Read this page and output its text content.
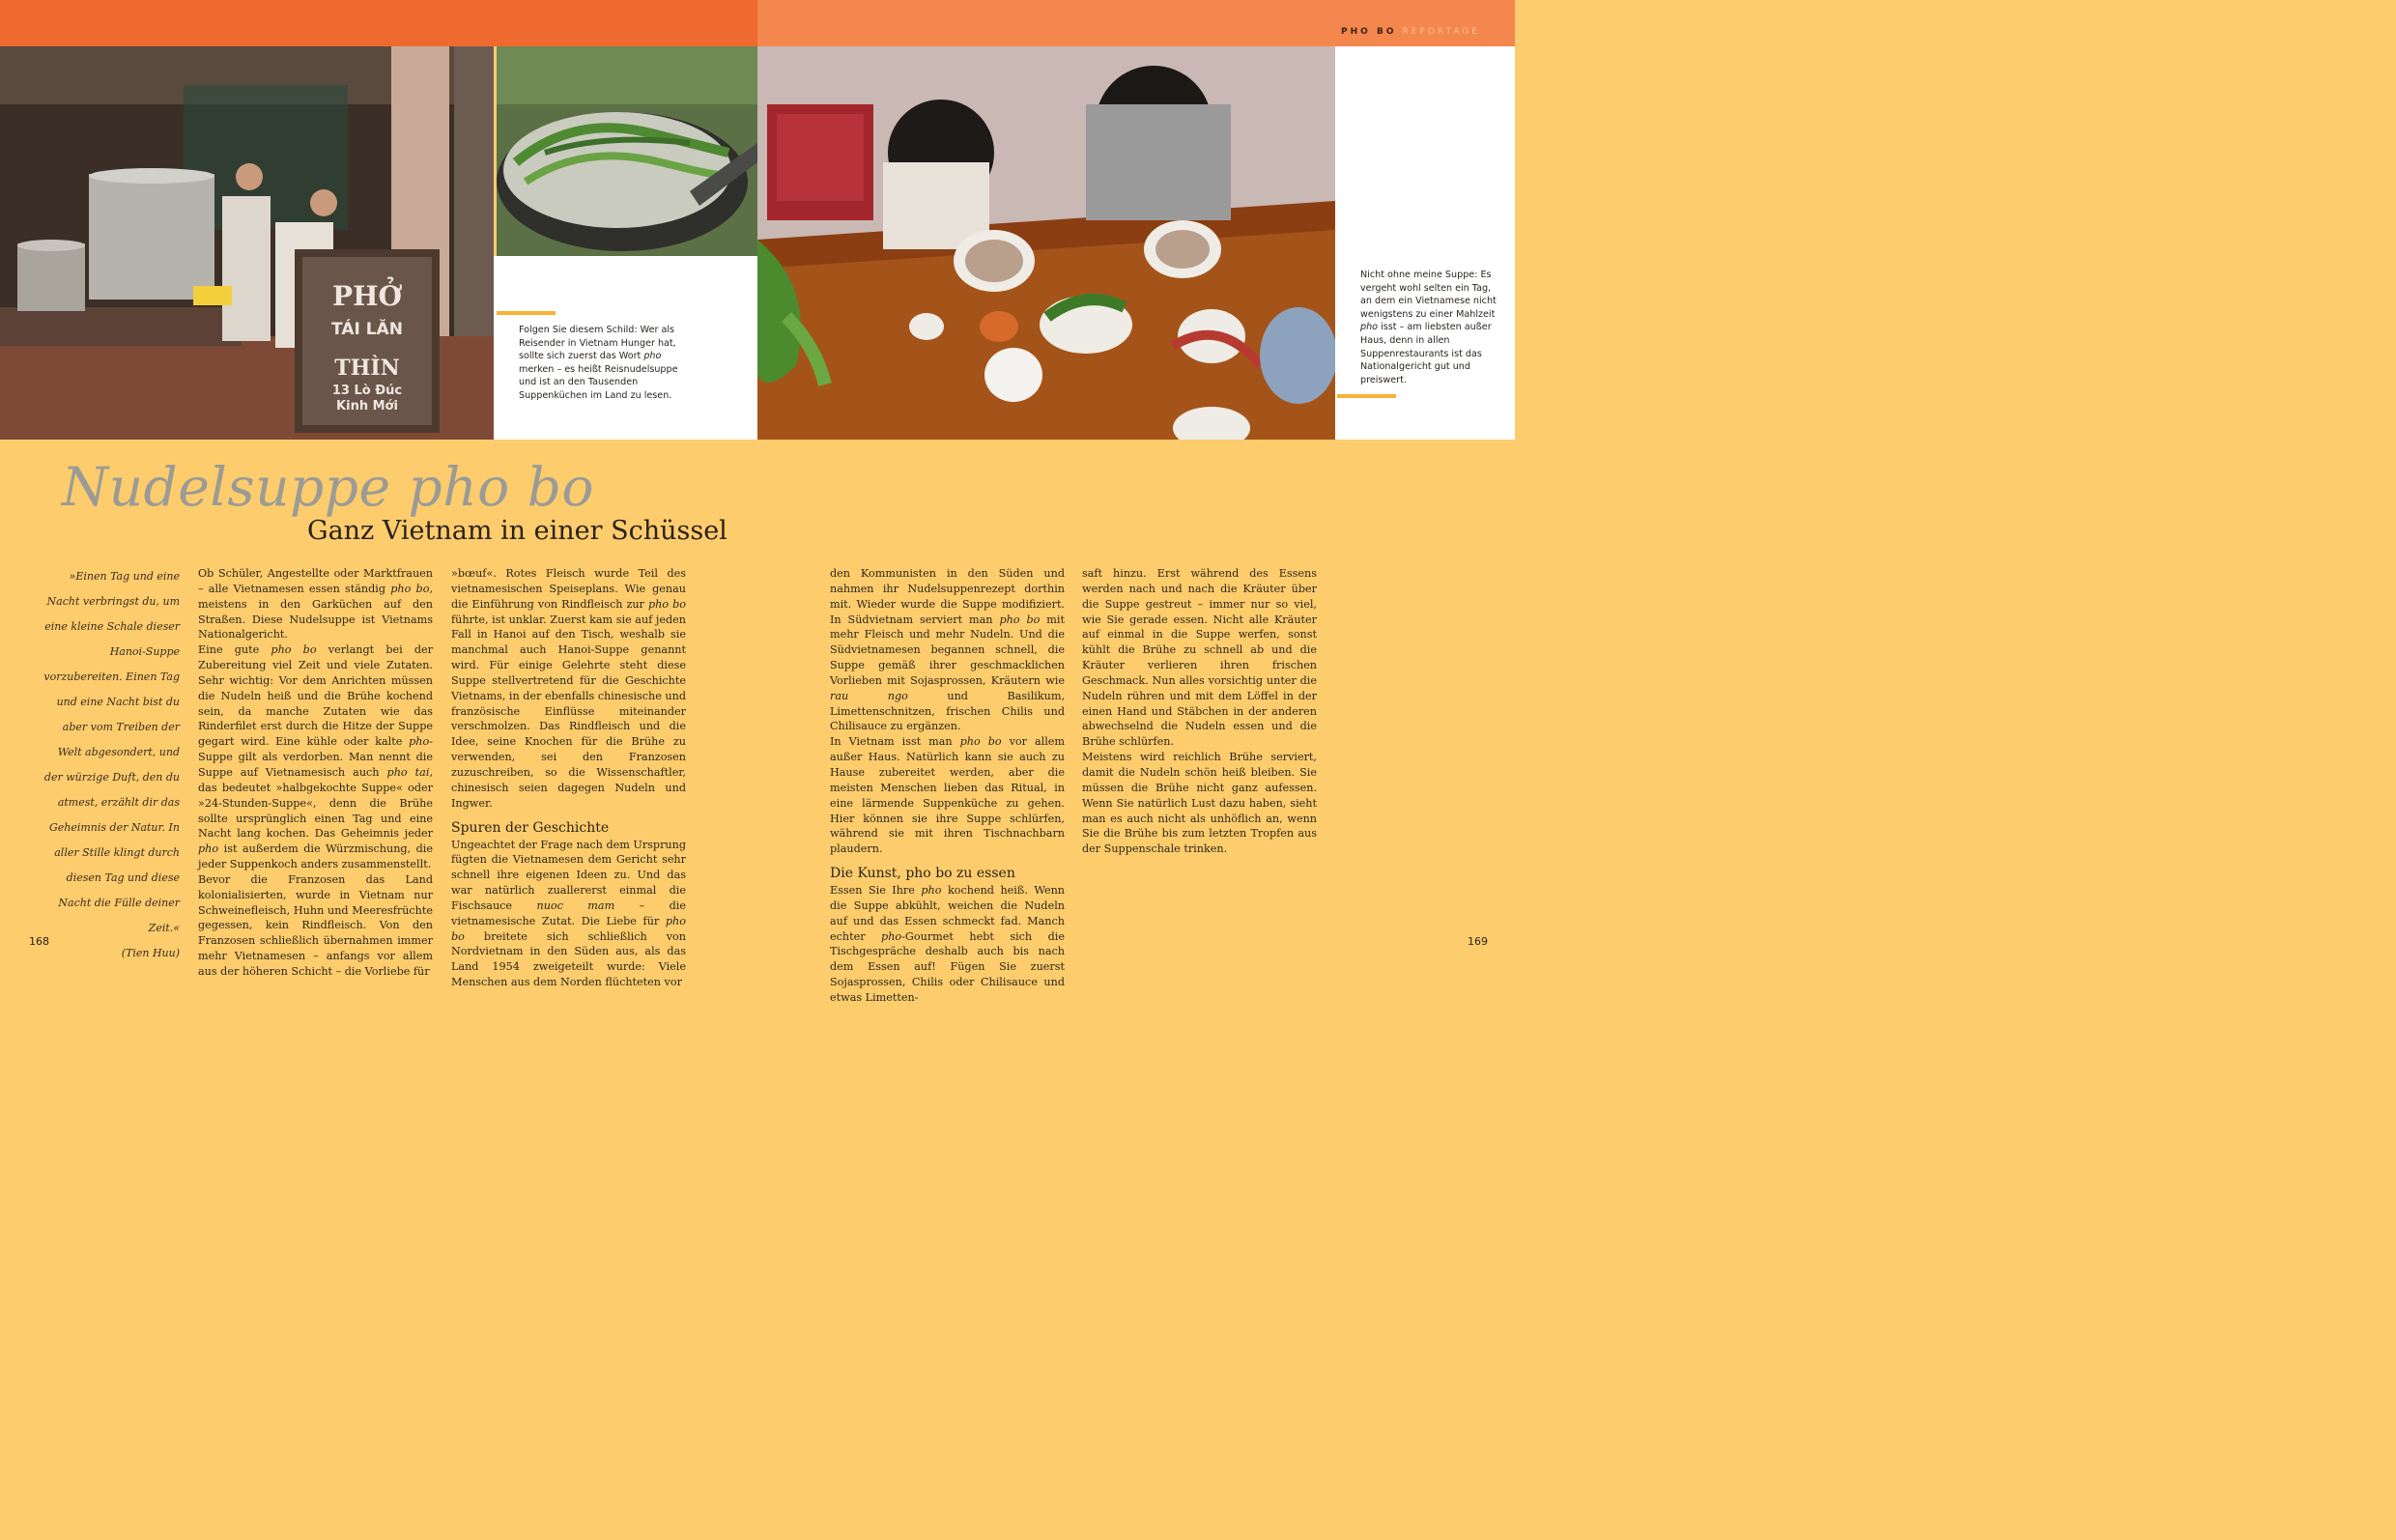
PHO BO REPORTAGE
PHỞ
TÁI LĂN
THÌN
13 Lò Đúc
Kinh Mới
Folgen Sie diesem Schild: Wer als Reisender in Vietnam Hunger hat, sollte sich zuerst das Wort pho merken – es heißt Reisnudelsuppe und ist an den Tausenden Suppenküchen im Land zu lesen.
Nicht ohne meine Suppe: Es vergeht wohl selten ein Tag, an dem ein Vietnamese nicht wenigstens zu einer Mahlzeit pho isst – am liebsten außer Haus, denn in allen Suppenrestaurants ist das Nationalgericht gut und preiswert.
Nudelsuppe pho bo
Ganz Vietnam in einer Schüssel
»Einen Tag und eine Nacht verbringst du, um eine kleine Schale dieser Hanoi-Suppe vorzubereiten. Einen Tag und eine Nacht bist du aber vom Treiben der Welt abgesondert, und der würzige Duft, den du atmest, erzählt dir das Geheimnis der Natur. In aller Stille klingt durch diesen Tag und diese Nacht die Fülle deiner Zeit.«
(Tien Huu)

Ob Schüler, Angestellte oder Marktfrauen – alle Vietnamesen essen ständig pho bo, meistens in den Garküchen auf den Straßen. Diese Nudelsuppe ist Vietnams Nationalgericht.

Eine gute pho bo verlangt bei der Zubereitung viel Zeit und viele Zutaten. Sehr wichtig: Vor dem Anrichten müssen die Nudeln heiß und die Brühe kochend sein, da manche Zutaten wie das Rinderfilet erst durch die Hitze der Suppe gegart wird. Eine kühle oder kalte pho-Suppe gilt als verdorben. Man nennt die Suppe auf Vietnamesisch auch pho tai, das bedeutet »halbgekochte Suppe« oder »24-Stunden-Suppe«, denn die Brühe sollte ursprünglich einen Tag und eine Nacht lang kochen. Das Geheimnis jeder pho ist außerdem die Würzmischung, die jeder Suppenkoch anders zusammenstellt.

Bevor die Franzosen das Land kolonialisierten, wurde in Vietnam nur Schweinefleisch, Huhn und Meeresfrüchte gegessen, kein Rindfleisch. Von den Franzosen schließlich übernahmen immer mehr Vietnamesen – anfangs vor allem aus der höheren Schicht – die Vorliebe für

»bœuf«. Rotes Fleisch wurde Teil des vietnamesischen Speiseplans. Wie genau die Einführung von Rindfleisch zur pho bo führte, ist unklar. Zuerst kam sie auf jeden Fall in Hanoi auf den Tisch, weshalb sie manchmal auch Hanoi-Suppe genannt wird. Für einige Gelehrte steht diese Suppe stellvertretend für die Geschichte Vietnams, in der ebenfalls chinesische und französische Einflüsse miteinander verschmolzen. Das Rindfleisch und die Idee, seine Knochen für die Brühe zu verwenden, sei den Franzosen zuzuschreiben, so die Wissenschaftler, chinesisch seien dagegen Nudeln und Ingwer.

Spuren der Geschichte

Ungeachtet der Frage nach dem Ursprung fügten die Vietnamesen dem Gericht sehr schnell ihre eigenen Ideen zu. Und das war natürlich zuallererst einmal die Fischsauce nuoc mam – die vietnamesische Zutat. Die Liebe für pho bo breitete sich schließlich von Nordvietnam in den Süden aus, als das Land 1954 zweigeteilt wurde: Viele Menschen aus dem Norden flüchteten vor

den Kommunisten in den Süden und nahmen ihr Nudelsuppenrezept dorthin mit. Wieder wurde die Suppe modifiziert. In Südvietnam serviert man pho bo mit mehr Fleisch und mehr Nudeln. Und die Südvietnamesen begannen schnell, die Suppe gemäß ihrer geschmacklichen Vorlieben mit Sojasprossen, Kräutern wie rau ngo und Basilikum, Limettenschnitzen, frischen Chilis und Chilisauce zu ergänzen.

In Vietnam isst man pho bo vor allem außer Haus. Natürlich kann sie auch zu Hause zubereitet werden, aber die meisten Menschen lieben das Ritual, in eine lärmende Suppenküche zu gehen. Hier können sie ihre Suppe schlürfen, während sie mit ihren Tischnachbarn plaudern.

Die Kunst, pho bo zu essen

Essen Sie Ihre pho kochend heiß. Wenn die Suppe abkühlt, weichen die Nudeln auf und das Essen schmeckt fad. Manch echter pho-Gourmet hebt sich die Tischgespräche deshalb auch bis nach dem Essen auf! Fügen Sie zuerst Sojasprossen, Chilis oder Chilisauce und etwas Limetten-

saft hinzu. Erst während des Essens werden nach und nach die Kräuter über die Suppe gestreut – immer nur so viel, wie Sie gerade essen. Nicht alle Kräuter auf einmal in die Suppe werfen, sonst kühlt die Brühe zu schnell ab und die Kräuter verlieren ihren frischen Geschmack. Nun alles vorsichtig unter die Nudeln rühren und mit dem Löffel in der einen Hand und Stäbchen in der anderen abwechselnd die Nudeln essen und die Brühe schlürfen.

Meistens wird reichlich Brühe serviert, damit die Nudeln schön heiß bleiben. Sie müssen die Brühe nicht ganz aufessen. Wenn Sie natürlich Lust dazu haben, sieht man es auch nicht als unhöflich an, wenn Sie die Brühe bis zum letzten Tropfen aus der Suppenschale trinken.

168	169
